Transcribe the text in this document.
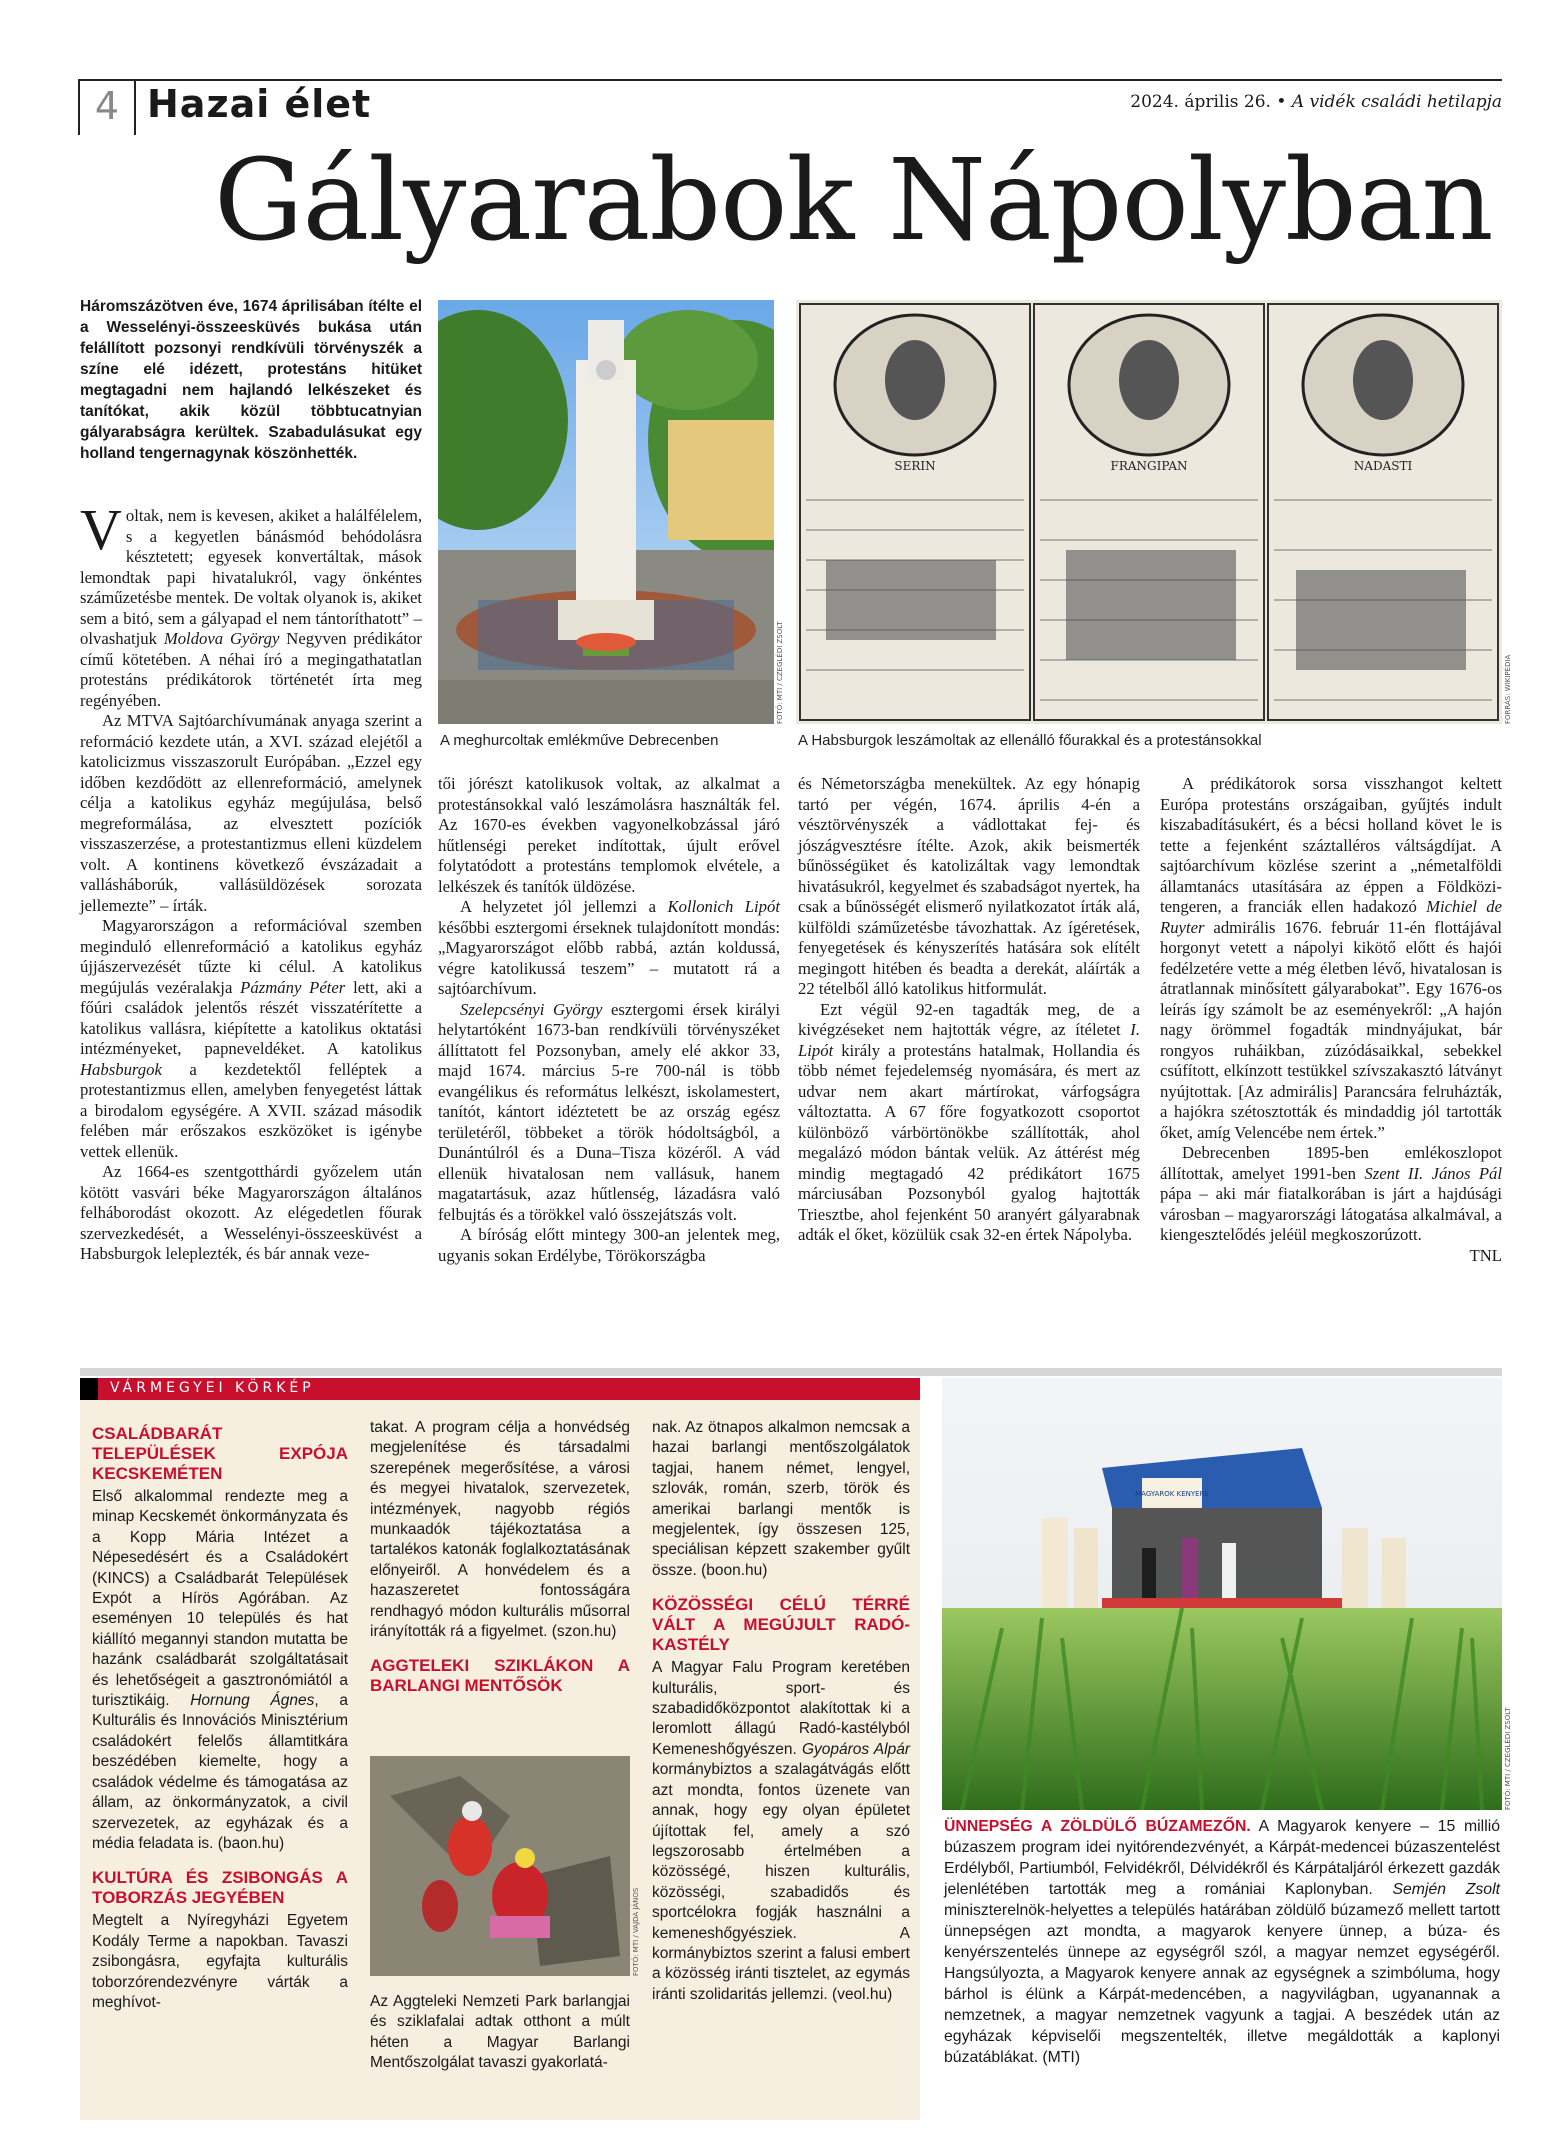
4 Hazai élet	2024. április 26. • A vidék családi hetilapja
Gályarabok Nápolyban
Háromszázötven éve, 1674 áprilisában ítélte el a Wesselényi-összeesküvés bukása után felállított pozsonyi rendkívüli törvényszék a színe elé idézett, protestáns hitüket megtagadni nem hajlandó lelkészeket és tanítókat, akik közül többtucatnyian gályarabságra kerültek. Szabadulásukat egy holland tengernagynak köszönhették.

Voltak, nem is kevesen, akiket a halálfélelem, s a kegyetlen bánásmód behódolásra késztetett; egyesek konvertáltak, mások lemondtak papi hivatalukról, vagy önkéntes száműzetésbe mentek. De voltak olyanok is, akiket sem a bitó, sem a gályapad el nem tántoríthatott” – olvashatjuk Moldova György Negyven prédikátor című kötetében. A néhai író a megingathatatlan protestáns prédikátorok történetét írta meg regényében.

Az MTVA Sajtóarchívumának anyaga szerint a reformáció kezdete után, a XVI. század elejétől a katolicizmus visszaszorult Európában. „Ezzel egy időben kezdődött az ellenreformáció, amelynek célja a katolikus egyház megújulása, belső megreformálása, az elvesztett pozíciók visszaszerzése, a protestantizmus elleni küzdelem volt. A kontinens következő évszázadait a vallásháborúk, vallásüldözések sorozata jellemezte” – írták.

Magyarországon a reformációval szemben meginduló ellenreformáció a katolikus egyház újjászervezését tűzte ki célul. A katolikus megújulás vezéralakja Pázmány Péter lett, aki a főúri családok jelentős részét visszatérítette a katolikus vallásra, kiépítette a katolikus oktatási intézményeket, papneveldéket. A katolikus Habsburgok a kezdetektől felléptek a protestantizmus ellen, amelyben fenyegetést láttak a birodalom egységére. A XVII. század második felében már erőszakos eszközöket is igénybe vettek ellenük.

Az 1664-es szentgotthárdi győzelem után kötött vasvári béke Magyarországon általános felháborodást okozott. Az elégedetlen főurak szervezkedését, a Wesselényi-összeesküvést a Habsburgok leleplezték, és bár annak veze-

FOTÓ: MTI / CZEGLÉDI ZSOLT
A meghurcoltak emlékműve Debrecenben
SERIN	FRANGIPAN	NADASTI
FORRÁS: WIKIPÉDIA
A Habsburgok leszámoltak az ellenálló főurakkal és a protestánsokkal

tői jórészt katolikusok voltak, az alkalmat a protestánsokkal való leszámolásra használták fel. Az 1670-es években vagyonelkobzással járó hűtlenségi pereket indítottak, újult erővel folytatódott a protestáns templomok elvétele, a lelkészek és tanítók üldözése.

A helyzetet jól jellemzi a Kollonich Lipót későbbi esztergomi érseknek tulajdonított mondás: „Magyarországot előbb rabbá, aztán koldussá, végre katolikussá teszem” – mutatott rá a sajtóarchívum.

Szelepcsényi György esztergomi érsek királyi helytartóként 1673-ban rendkívüli törvényszéket állíttatott fel Pozsonyban, amely elé akkor 33, majd 1674. március 5-re 700-nál is több evangélikus és református lelkészt, iskolamestert, tanítót, kántort idéztetett be az ország egész területéről, többeket a török hódoltságból, a Dunántúlról és a Duna–Tisza közéről. A vád ellenük hivatalosan nem vallásuk, hanem magatartásuk, azaz hűtlenség, lázadásra való felbujtás és a törökkel való összejátszás volt.

A bíróság előtt mintegy 300-an jelentek meg, ugyanis sokan Erdélybe, Törökországba

és Németországba menekültek. Az egy hónapig tartó per végén, 1674. április 4-én a vésztörvényszék a vádlottakat fej- és jószágvesztésre ítélte. Azok, akik beismerték bűnösségüket és katolizáltak vagy lemondtak hivatásukról, kegyelmet és szabadságot nyertek, ha csak a bűnösségét elismerő nyilatkozatot írták alá, külföldi száműzetésbe távozhattak. Az ígéretések, fenyegetések és kényszerítés hatására sok elítélt megingott hitében és beadta a derekát, aláírták a 22 tételből álló katolikus hitformulát.

Ezt végül 92-en tagadták meg, de a kivégzéseket nem hajtották végre, az ítéletet I. Lipót király a protestáns hatalmak, Hollandia és több német fejedelemség nyomására, és mert az udvar nem akart mártírokat, várfogságra változtatta. A 67 főre fogyatkozott csoportot különböző várbörtönökbe szállították, ahol megalázó módon bántak velük. Az áttérést még mindig megtagadó 42 prédikátort 1675 márciusában Pozsonyból gyalog hajtották Triesztbe, ahol fejenként 50 aranyért gályarabnak adták el őket, közülük csak 32-en értek Nápolyba.

A prédikátorok sorsa visszhangot keltett Európa protestáns országaiban, gyűjtés indult kiszabadításukért, és a bécsi holland követ le is tette a fejenként száztalléros váltságdíjat. A sajtóarchívum közlése szerint a „németalföldi államtanács utasítására az éppen a Földközi-tengeren, a franciák ellen hadakozó Michiel de Ruyter admirális 1676. február 11-én flottájával horgonyt vetett a nápolyi kikötő előtt és hajói fedélzetére vette a még életben lévő, hivatalosan is átratlannak minősített gályarabokat”. Egy 1676-os leírás így számolt be az eseményekről: „A hajón nagy örömmel fogadták mindnyájukat, bár rongyos ruháikban, zúzódásaikkal, sebekkel csúfított, elkínzott testükkel szívszakasztó látványt nyújtottak. [Az admirális] Parancsára felruházták, a hajókra szétosztották és mindaddig jól tartották őket, amíg Velencébe nem értek.”

Debrecenben 1895-ben emlékoszlopot állítottak, amelyet 1991-ben Szent II. János Pál pápa – aki már fiatalkorában is járt a hajdúsági városban – magyarországi látogatása alkalmával, a kiengesztelődés jeléül megkoszorúzott.

TNL
VÁRMEGYEI KÖRKÉP
CSALÁDBARÁT TELEPÜLÉSEK EXPÓJA KECSKEMÉTEN
Első alkalommal rendezte meg a minap Kecskemét önkormányzata és a Kopp Mária Intézet a Népesedésért és a Családokért (KINCS) a Családbarát Települések Expót a Hírös Agórában. Az eseményen 10 település és hat kiállító megannyi standon mutatta be hazánk családbarát szolgáltatásait és lehetőségeit a gasztronómiától a turisztikáig. Hornung Ágnes, a Kulturális és Innovációs Minisztérium családokért felelős államtitkára beszédében kiemelte, hogy a családok védelme és támogatása az állam, az önkormányzatok, a civil szervezetek, az egyházak és a média feladata is. (baon.hu)
KULTÚRA ÉS ZSIBONGÁS A TOBORZÁS JEGYÉBEN
Megtelt a Nyíregyházi Egyetem Kodály Terme a napokban. Tavaszi zsibongásra, egyfajta kulturális toborzórendezvényre várták a meghívot-
takat. A program célja a honvédség megjelenítése és társadalmi szerepének megerősítése, a városi és megyei hivatalok, szervezetek, intézmények, nagyobb régiós munkaadók tájékoztatása a tartalékos katonák foglalkoztatásának előnyeiről. A honvédelem és a hazaszeretet fontosságára rendhagyó módon kulturális műsorral irányították rá a figyelmet. (szon.hu)
AGGTELEKI SZIKLÁKON A BARLANGI MENTŐSÖK
FOTÓ: MTI / VAJDA JÁNOS
Az Aggteleki Nemzeti Park barlangjai és sziklafalai adtak otthont a múlt héten a Magyar Barlangi Mentőszolgálat tavaszi gyakorlatá-
nak. Az ötnapos alkalmon nemcsak a hazai barlangi mentőszolgálatok tagjai, hanem német, lengyel, szlovák, román, szerb, török és amerikai barlangi mentők is megjelentek, így összesen 125, speciálisan képzett szakember gyűlt össze. (boon.hu)
KÖZÖSSÉGI CÉLÚ TÉRRÉ VÁLT A MEGÚJULT RADÓ-KASTÉLY
A Magyar Falu Program keretében kulturális, sport- és szabadidőközpontot alakítottak ki a leromlott állagú Radó-kastélyból Kemeneshőgyészen. Gyopáros Alpár kormánybiztos a szalagátvágás előtt azt mondta, fontos üzenete van annak, hogy egy olyan épületet újítottak fel, amely a szó legszorosabb értelmében a közösségé, hiszen kulturális, közösségi, szabadidős és sportcélokra fogják használni a kemeneshőgyésziek. A kormánybiztos szerint a falusi embert a közösség iránti tisztelet, az egymás iránti szolidaritás jellemzi. (veol.hu)
MAGYAROK KENYERE
FOTÓ: MTI / CZEGLÉDI ZSOLT
ÜNNEPSÉG A ZÖLDÜLŐ BÚZAMEZŐN. A Magyarok kenyere – 15 millió búzaszem program idei nyitórendezvényét, a Kárpát-medencei búzaszentelést Erdélyből, Partiumból, Felvidékről, Délvidékről és Kárpátaljáról érkezett gazdák jelenlétében tartották meg a romániai Kaplonyban. Semjén Zsolt miniszterelnök-helyettes a település határában zöldülő búzamező mellett tartott ünnepségen azt mondta, a magyarok kenyere ünnep, a búza- és kenyérszentelés ünnepe az egységről szól, a magyar nemzet egységéről. Hangsúlyozta, a Magyarok kenyere annak az egységnek a szimbóluma, hogy bárhol is élünk a Kárpát-medencében, a nagyvilágban, ugyanannak a nemzetnek, a magyar nemzetnek vagyunk a tagjai. A beszédek után az egyházak képviselői megszentelték, illetve megáldották a kaplonyi búzatáblákat. (MTI)
